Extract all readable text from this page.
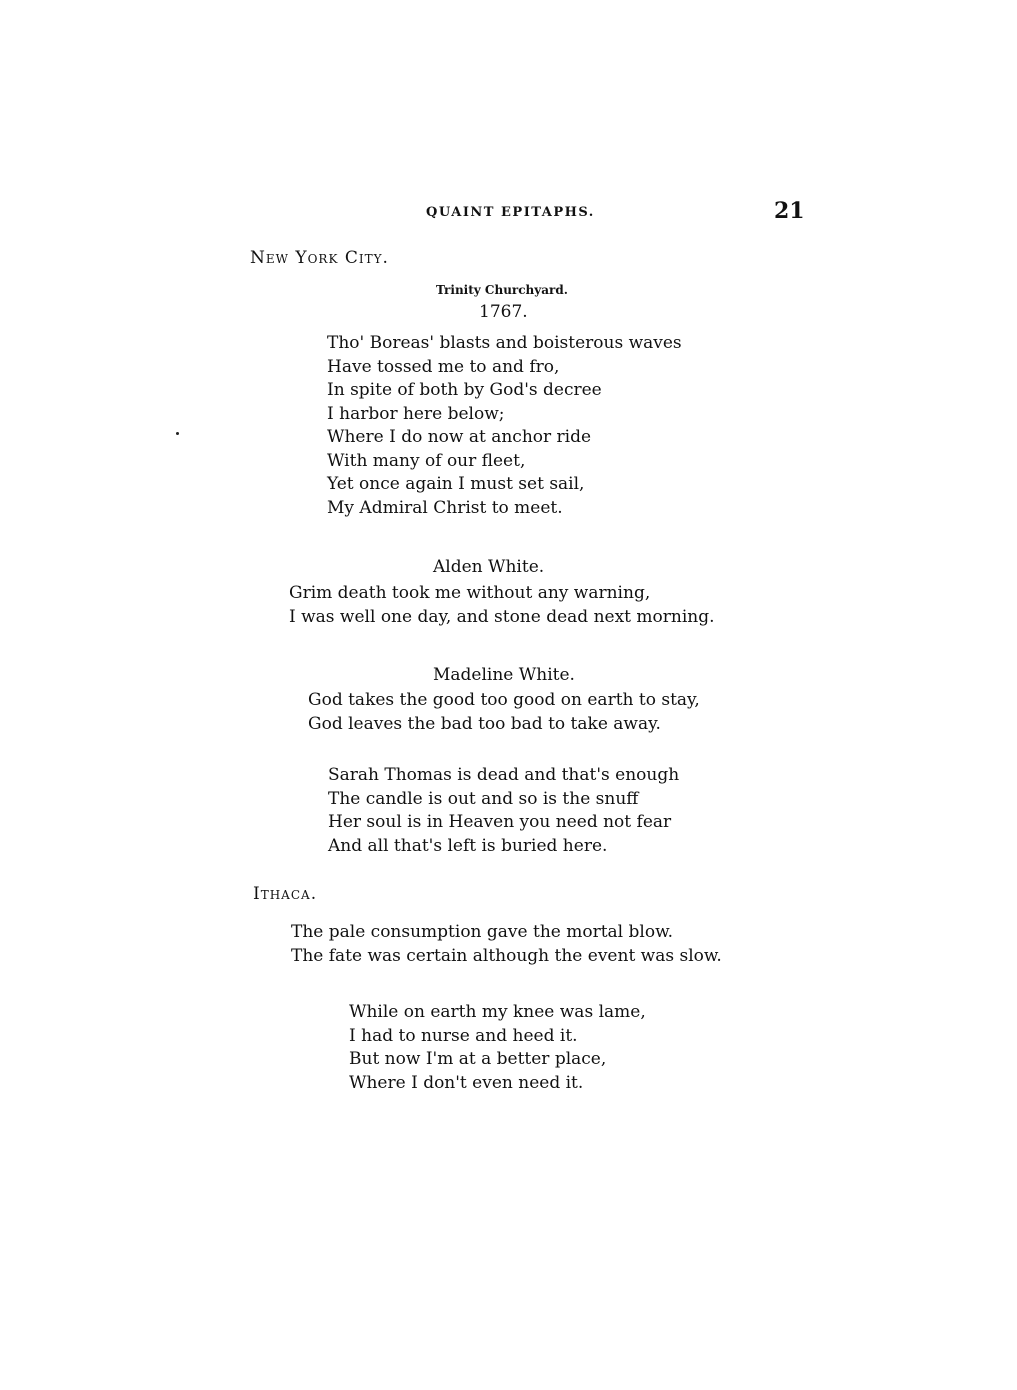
QUAINT EPITAPHS.	21
New York City.
Trinity Churchyard.
1767.
Tho' Boreas' blasts and boisterous waves
Have tossed me to and fro,
In spite of both by God's decree
I harbor here below;
Where I do now at anchor ride
With many of our fleet,
Yet once again I must set sail,
My Admiral Christ to meet.
Alden White.
Grim death took me without any warning,
I was well one day, and stone dead next morning.
Madeline White.
God takes the good too good on earth to stay,
God leaves the bad too bad to take away.
Sarah Thomas is dead and that's enough
The candle is out and so is the snuff
Her soul is in Heaven you need not fear
And all that's left is buried here.
Ithaca.
The pale consumption gave the mortal blow.
The fate was certain although the event was slow.
While on earth my knee was lame,
I had to nurse and heed it.
But now I'm at a better place,
Where I don't even need it.
